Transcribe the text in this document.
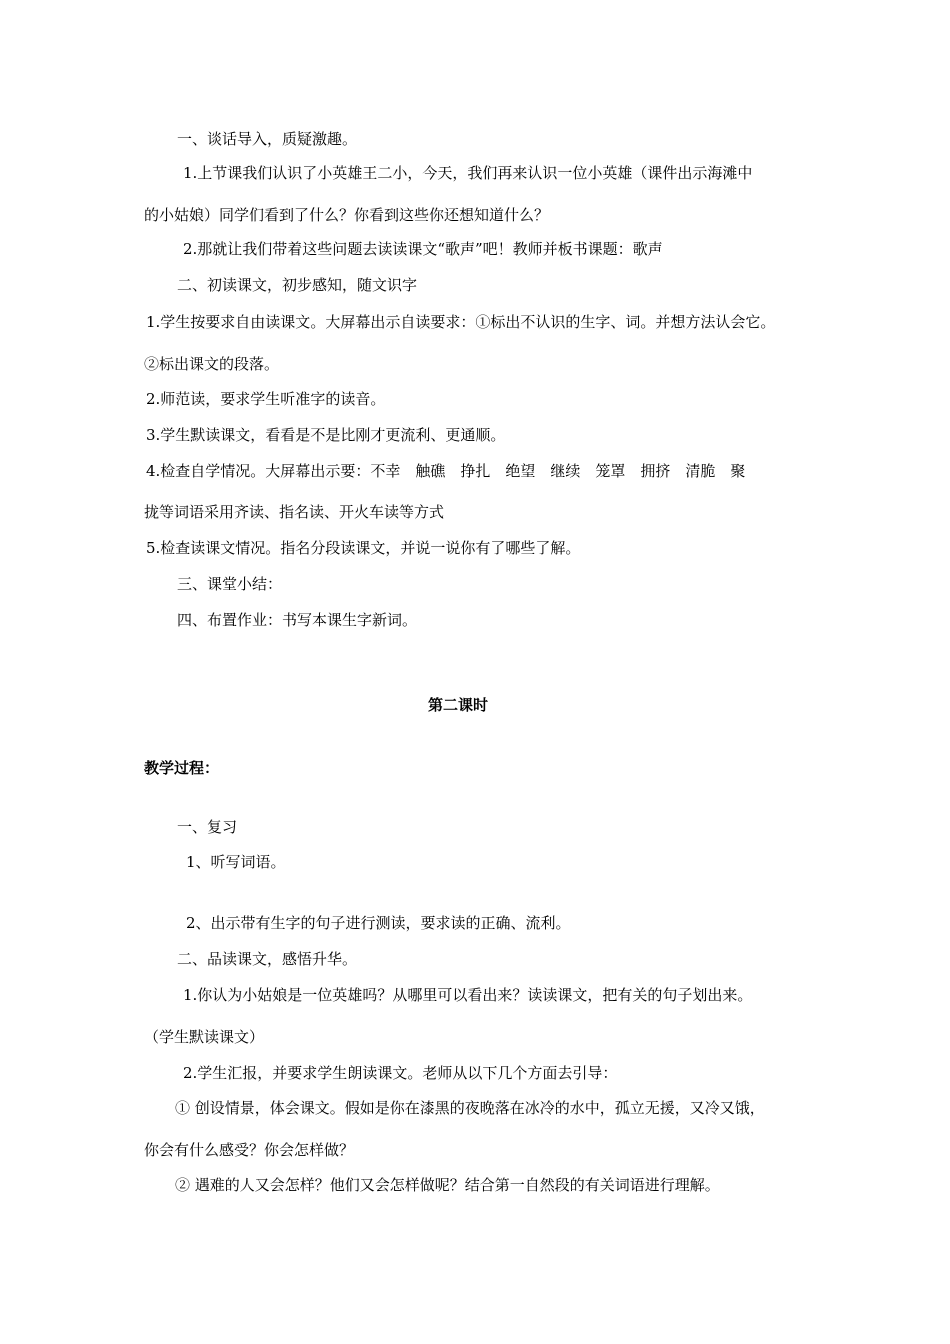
一、谈话导入，质疑激趣。
1.上节课我们认识了小英雄王二小，今天，我们再来认识一位小英雄（课件出示海滩中
的小姑娘）同学们看到了什么？你看到这些你还想知道什么？
2.那就让我们带着这些问题去读读课文“歌声”吧！教师并板书课题：歌声
二、初读课文，初步感知，随文识字
1.学生按要求自由读课文。大屏幕出示自读要求：①标出不认识的生字、词。并想方法认会它。
②标出课文的段落。
2.师范读，要求学生听准字的读音。
3.学生默读课文，看看是不是比刚才更流利、更通顺。
4.检查自学情况。大屏幕出示要：不幸　触礁　挣扎　绝望　继续　笼罩　拥挤　清脆　聚
拢等词语采用齐读、指名读、开火车读等方式
5.检查读课文情况。指名分段读课文，并说一说你有了哪些了解。
三、课堂小结：
四、布置作业：书写本课生字新词。
第二课时
教学过程：
一、复习
1、听写词语。
2、出示带有生字的句子进行测读，要求读的正确、流利。
二、品读课文，感悟升华。
1.你认为小姑娘是一位英雄吗？从哪里可以看出来？读读课文，把有关的句子划出来。
（学生默读课文）
2.学生汇报，并要求学生朗读课文。老师从以下几个方面去引导：
① 创设情景，体会课文。假如是你在漆黑的夜晚落在冰冷的水中，孤立无援，又冷又饿，
你会有什么感受？你会怎样做？
② 遇难的人又会怎样？他们又会怎样做呢？结合第一自然段的有关词语进行理解。
